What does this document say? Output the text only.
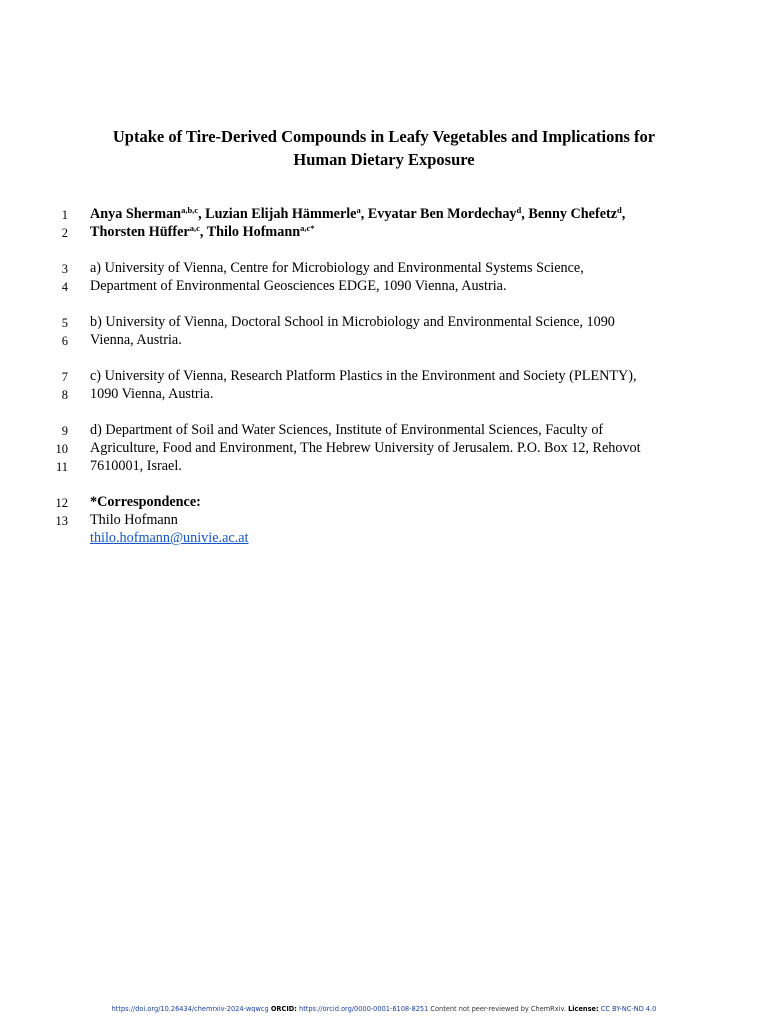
Uptake of Tire-Derived Compounds in Leafy Vegetables and Implications for
Human Dietary Exposure
1 Anya Sherman$^{a,b,c}$, Luzian Elijah Hämmerle$^a$, Evyatar Ben Mordechay$^d$, Benny Chefetz$^d$,
2 Thorsten Hüffer$^{a,c}$, Thilo Hofmann$^{a,c*}$
3 a) University of Vienna, Centre for Microbiology and Environmental Systems Science,
4 Department of Environmental Geosciences EDGE, 1090 Vienna, Austria.
5 b) University of Vienna, Doctoral School in Microbiology and Environmental Science, 1090
6 Vienna, Austria.
7 c) University of Vienna, Research Platform Plastics in the Environment and Society (PLENTY),
8 1090 Vienna, Austria.
9 d) Department of Soil and Water Sciences, Institute of Environmental Sciences, Faculty of
10 Agriculture, Food and Environment, The Hebrew University of Jerusalem. P.O. Box 12, Rehovot
11 7610001, Israel.
12 *Correspondence:
13 Thilo Hofmann
thilo.hofmann@univie.ac.at
https://doi.org/10.26434/chemrxiv-2024-wqwcg ORCID: https://orcid.org/0000-0001-6108-8251 Content not peer-reviewed by ChemRxiv. License: CC BY-NC-ND 4.0
